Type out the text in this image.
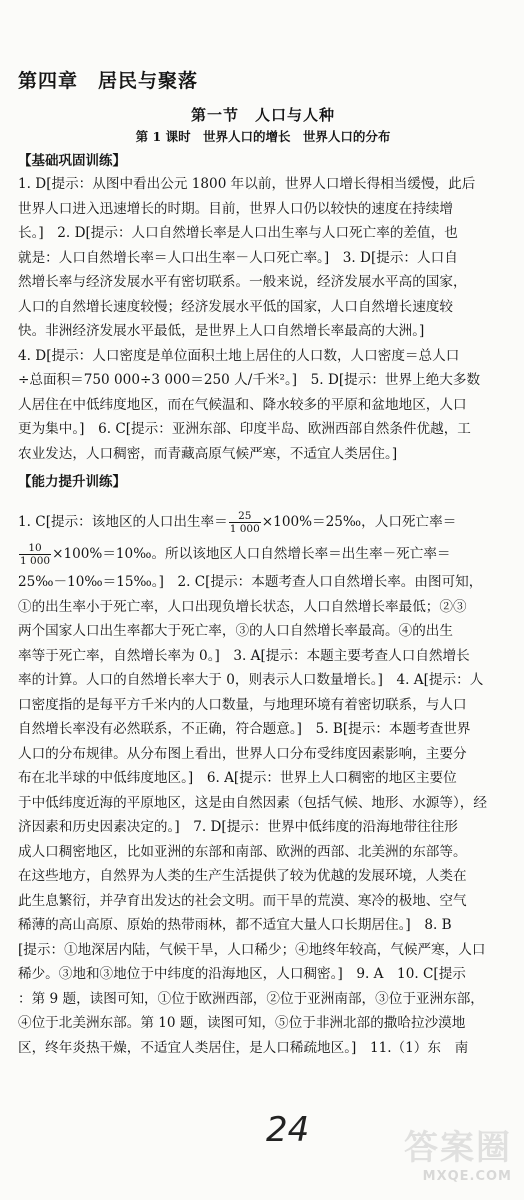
第四章　居民与聚落
第一节　人口与人种
第 1 课时 世界人口的增长 世界人口的分布
【基础巩固训练】
1. D[提示：从图中看出公元 1800 年以前，世界人口增长得相当缓慢，此后
世界人口进入迅速增长的时期。目前，世界人口仍以较快的速度在持续增
长。]　2. D[提示：人口自然增长率是人口出生率与人口死亡率的差值，也
就是：人口自然增长率＝人口出生率－人口死亡率。]　3. D[提示：人口自
然增长率与经济发展水平有密切联系。一般来说，经济发展水平高的国家，
人口的自然增长速度较慢；经济发展水平低的国家，人口自然增长速度较
快。非洲经济发展水平最低，是世界上人口自然增长率最高的大洲。]
4. D[提示：人口密度是单位面积土地上居住的人口数，人口密度＝总人口
÷总面积＝750 000÷3 000＝250 人/千米²。]　5. D[提示：世界上绝大多数
人居住在中低纬度地区，而在气候温和、降水较多的平原和盆地地区，人口
更为集中。]　6. C[提示：亚洲东部、印度半岛、欧洲西部自然条件优越，工
农业发达，人口稠密，而青藏高原气候严寒，不适宜人类居住。]
【能力提升训练】
1. C[提示：该地区的人口出生率＝ $\frac{25}{1 000}$ ×100%＝25‰，人口死亡率＝
$\frac{10}{1 000}$ ×100%＝10‰。所以该地区人口自然增长率＝出生率－死亡率＝
25‰－10‰＝15‰。]　2. C[提示：本题考查人口自然增长率。由图可知，
①的出生率小于死亡率，人口出现负增长状态，人口自然增长率最低；②③
两个国家人口出生率都大于死亡率，③的人口自然增长率最高。④的出生
率等于死亡率，自然增长率为 0。]　3. A[提示：本题主要考查人口自然增长
率的计算。人口的自然增长率大于 0，则表示人口数量增长。]　4. A[提示：人
口密度指的是每平方千米内的人口数量，与地理环境有着密切联系，与人口
自然增长率没有必然联系，不正确，符合题意。]　5. B[提示：本题考查世界
人口的分布规律。从分布图上看出，世界人口分布受纬度因素影响，主要分
布在北半球的中低纬度地区。]　6. A[提示：世界上人口稠密的地区主要位
于中低纬度近海的平原地区，这是由自然因素（包括气候、地形、水源等），经
济因素和历史因素决定的。]　7. D[提示：世界中低纬度的沿海地带往往形
成人口稠密地区，比如亚洲的东部和南部、欧洲的西部、北美洲的东部等。
在这些地方，自然界为人类的生产生活提供了较为优越的发展环境，人类在
此生息繁衍，并孕育出发达的社会文明。而干旱的荒漠、寒冷的极地、空气
稀薄的高山高原、原始的热带雨林，都不适宜大量人口长期居住。]　8. B
[提示：①地深居内陆，气候干旱，人口稀少；④地终年较高，气候严寒，人口
稀少。③地和③地位于中纬度的沿海地区，人口稠密。]　9. A　10. C[提示
：第 9 题，读图可知，①位于欧洲西部，②位于亚洲南部，③位于亚洲东部，
④位于北美洲东部。第 10 题，读图可知，⑤位于非洲北部的撒哈拉沙漠地
区，终年炎热干燥，不适宜人类居住，是人口稀疏地区。]　11.（1）东　南
24	答案圈
MXQE.COM
